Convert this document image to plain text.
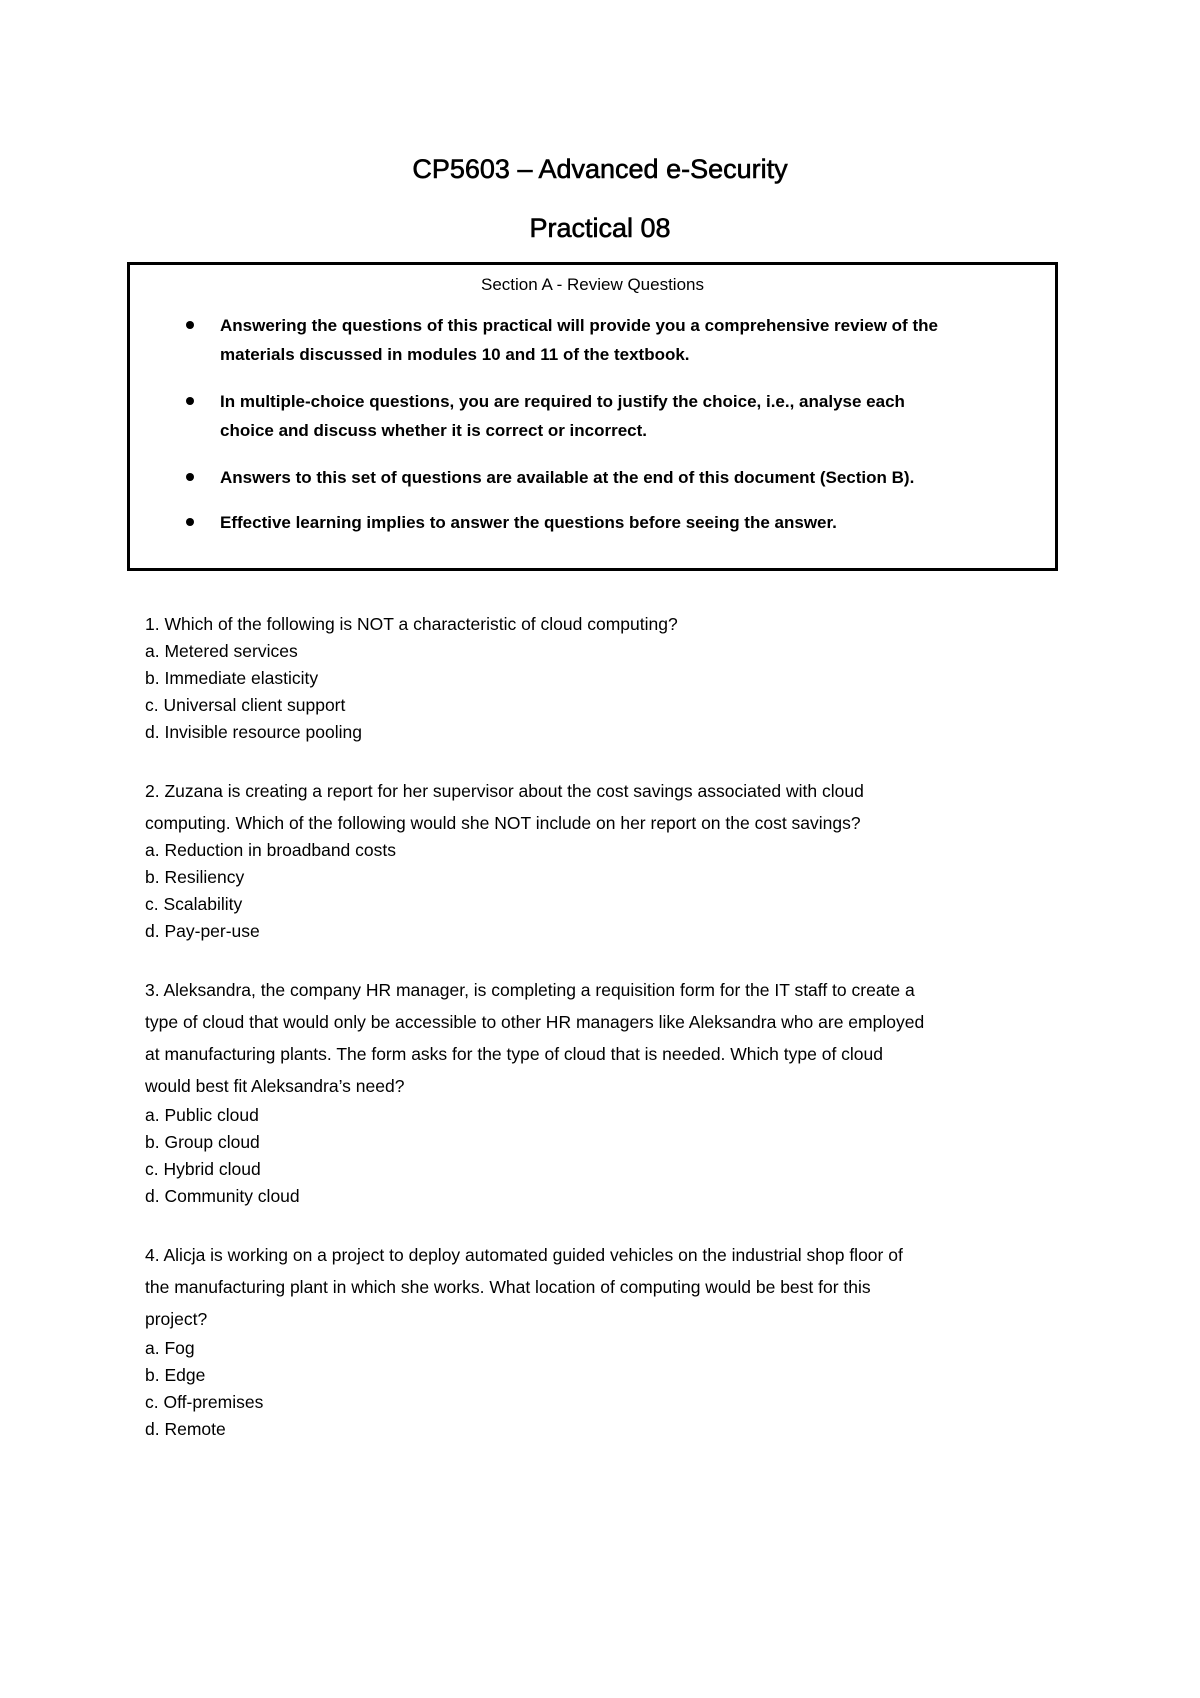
CP5603 – Advanced e-Security
Practical 08

Section A - Review Questions

Answering the questions of this practical will provide you a comprehensive review of the
materials discussed in modules 10 and 11 of the textbook.
In multiple-choice questions, you are required to justify the choice, i.e., analyse each
choice and discuss whether it is correct or incorrect.
Answers to this set of questions are available at the end of this document (Section B).
Effective learning implies to answer the questions before seeing the answer.

1. Which of the following is NOT a characteristic of cloud computing?

a. Metered services

b. Immediate elasticity

c. Universal client support

d. Invisible resource pooling

2. Zuzana is creating a report for her supervisor about the cost savings associated with cloud

computing. Which of the following would she NOT include on her report on the cost savings?

a. Reduction in broadband costs

b. Resiliency

c. Scalability

d. Pay-per-use

3. Aleksandra, the company HR manager, is completing a requisition form for the IT staff to create a

type of cloud that would only be accessible to other HR managers like Aleksandra who are employed

at manufacturing plants. The form asks for the type of cloud that is needed. Which type of cloud

would best fit Aleksandra’s need?

a. Public cloud

b. Group cloud

c. Hybrid cloud

d. Community cloud

4. Alicja is working on a project to deploy automated guided vehicles on the industrial shop floor of

the manufacturing plant in which she works. What location of computing would be best for this

project?

a. Fog

b. Edge

c. Off-premises

d. Remote
